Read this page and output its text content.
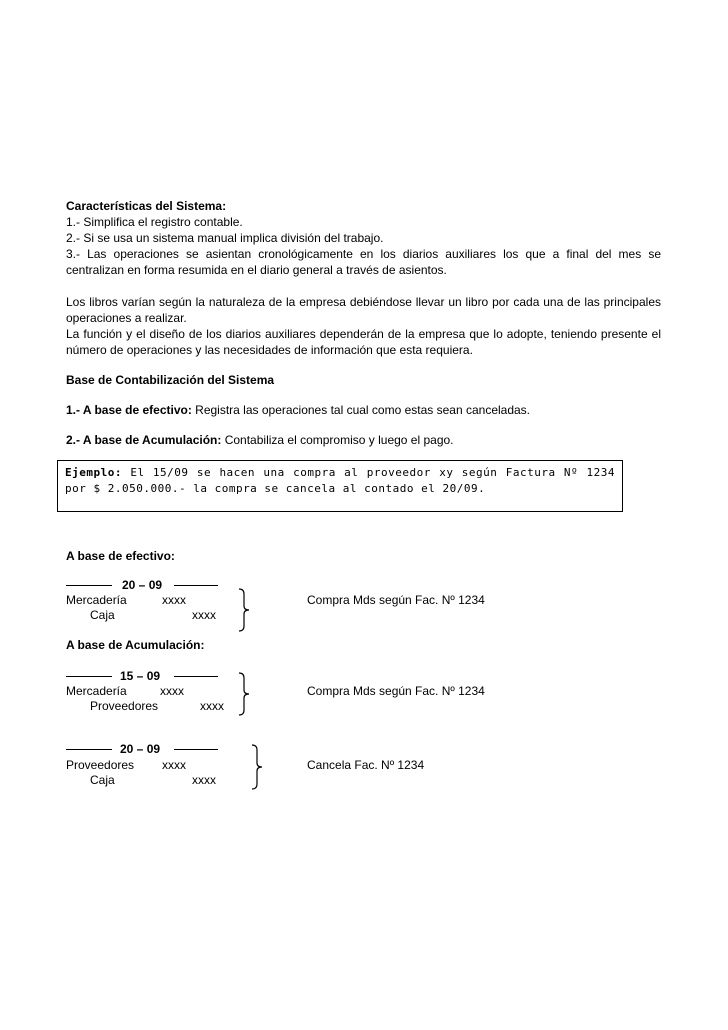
Características del Sistema:

1.- Simplifica el registro contable.

2.- Si se usa un sistema manual implica división del trabajo.

3.- Las operaciones se asientan cronológicamente en los diarios auxiliares los que a final del mes se centralizan en forma resumida en el diario general a través de asientos.

Los libros varían según la naturaleza de la empresa debiéndose llevar un libro por cada una de las principales operaciones a realizar.

La función y el diseño de los diarios auxiliares dependerán de la empresa que lo adopte, teniendo presente el número de operaciones y las necesidades de información que esta requiera.

Base de Contabilización del Sistema

1.- A base de efectivo: Registra las operaciones tal cual como estas sean canceladas.

2.- A base de Acumulación: Contabiliza el compromiso y luego el pago.

Ejemplo: El 15/09 se hacen una compra al proveedor xy según Factura Nº 1234
por $ 2.050.000.- la compra se cancela al contado el 20/09.

A base de efectivo:

20 – 09

Mercadería	xxxx

Caja	xxxx

Compra Mds según Fac. Nº 1234

A base de Acumulación:

15 – 09

Mercadería	xxxx

Proveedores	xxxx

Compra Mds según Fac. Nº 1234

20 – 09

Proveedores xxxx

Caja	xxxx

Cancela Fac. Nº 1234
